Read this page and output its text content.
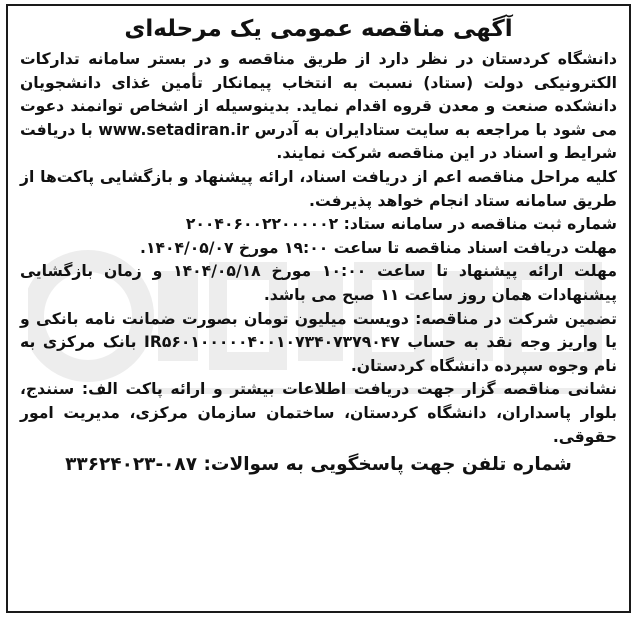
آگهی مناقصه عمومی یک مرحله‌ای

دانشگاه کردستان در نظر دارد از طریق مناقصه و در بستر سامانه تدارکات الکترونیکی دولت (ستاد) نسبت به انتخاب پیمانکار تأمین غذای دانشجویان دانشکده صنعت و معدن قروه اقدام نماید. بدینوسیله از اشخاص توانمند دعوت می شود با مراجعه به سایت ستادایران به آدرس www.setadiran.ir با دریافت شرایط و اسناد در این مناقصه شرکت نمایند.

کلیه مراحل مناقصه اعم از دریافت اسناد، ارائه پیشنهاد و بازگشایی پاکت‌ها از طریق سامانه ستاد انجام خواهد پذیرفت.

شماره ثبت مناقصه در سامانه ستاد: ۲۰۰۴۰۶۰۰۲۲۰۰۰۰۰۲

مهلت دریافت اسناد مناقصه تا ساعت ۱۹:۰۰ مورخ ۱۴۰۴/۰۵/۰۷.

مهلت ارائه پیشنهاد تا ساعت ۱۰:۰۰ مورخ ۱۴۰۴/۰۵/۱۸ و زمان بازگشایی پیشنهادات همان روز ساعت ۱۱ صبح می باشد.

تضمین شرکت در مناقصه: دویست میلیون تومان بصورت ضمانت نامه بانکی و یا واریز وجه نقد به حساب IR۵۶۰۱۰۰۰۰۰۴۰۰۱۰۷۳۴۰۷۳۷۹۰۴۷ بانک مرکزی به نام وجوه سپرده دانشگاه کردستان.

نشانی مناقصه گزار جهت دریافت اطلاعات بیشتر و ارائه پاکت الف: سنندج، بلوار پاسداران، دانشگاه کردستان، ساختمان سازمان مرکزی، مدیریت امور حقوقی.

شماره تلفن جهت پاسخگویی به سوالات: ۰۸۷-۳۳۶۲۴۰۲۳
